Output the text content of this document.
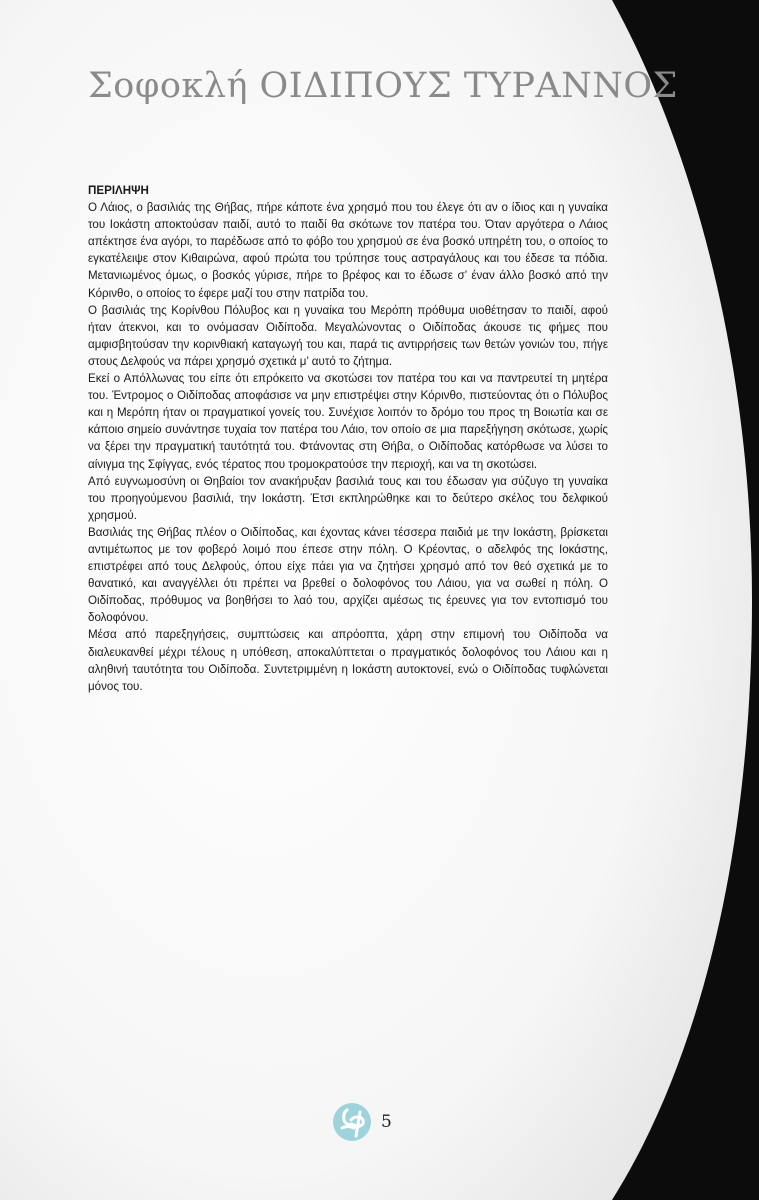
Σοφοκλή ΟΙΔΙΠΟΥΣ ΤΥΡΑΝΝΟΣ

ΠΕΡΙΛΗΨΗ

Ο Λάιος, ο βασιλιάς της Θήβας, πήρε κάποτε ένα χρησμό που του έλεγε ότι αν ο ίδιος και η γυναίκα του Ιοκάστη αποκτούσαν παιδί, αυτό το παιδί θα σκότωνε τον πατέρα του. Όταν αργότερα ο Λάιος απέκτησε ένα αγόρι, το παρέδωσε από το φόβο του χρησμού σε ένα βοσκό υπηρέτη του, ο οποίος το εγκατέλειψε στον Κιθαιρώνα, αφού πρώτα του τρύπησε τους αστραγάλους και του έδεσε τα πόδια. Μετανιωμένος όμως, ο βοσκός γύρισε, πήρε το βρέφος και το έδωσε σ’ έναν άλλο βοσκό από την Κόρινθο, ο οποίος το έφερε μαζί του στην πατρίδα του.

Ο βασιλιάς της Κορίνθου Πόλυβος και η γυναίκα του Μερόπη πρόθυμα υιοθέτησαν το παιδί, αφού ήταν άτεκνοι, και το ονόμασαν Οιδίποδα. Μεγαλώνοντας ο Οιδίποδας άκουσε τις φήμες που αμφισβητούσαν την κορινθιακή καταγωγή του και, παρά τις αντιρρήσεις των θετών γονιών του, πήγε στους Δελφούς να πάρει χρησμό σχετικά μ’ αυτό το ζήτημα.

Εκεί ο Απόλλωνας του είπε ότι επρόκειτο να σκοτώσει τον πατέρα του και να παντρευτεί τη μητέρα του. Έντρομος ο Οιδίποδας αποφάσισε να μην επιστρέψει στην Κόρινθο, πιστεύοντας ότι ο Πόλυβος και η Μερόπη ήταν οι πραγματικοί γονείς του. Συνέχισε λοιπόν το δρόμο του προς τη Βοιωτία και σε κάποιο σημείο συνάντησε τυχαία τον πατέρα του Λάιο, τον οποίο σε μια παρεξήγηση σκότωσε, χωρίς να ξέρει την πραγματική ταυτότητά του. Φτάνοντας στη Θήβα, ο Οιδίποδας κατόρθωσε να λύσει το αίνιγμα της Σφίγγας, ενός τέρατος που τρομοκρατούσε την περιοχή, και να τη σκοτώσει.

Από ευγνωμοσύνη οι Θηβαίοι τον ανακήρυξαν βασιλιά τους και του έδωσαν για σύζυγο τη γυναίκα του προηγούμενου βασιλιά, την Ιοκάστη. Έτσι εκπληρώθηκε και το δεύτερο σκέλος του δελφικού χρησμού.

Βασιλιάς της Θήβας πλέον ο Οιδίποδας, και έχοντας κάνει τέσσερα παιδιά με την Ιοκάστη, βρίσκεται αντιμέτωπος με τον φοβερό λοιμό που έπεσε στην πόλη. Ο Κρέοντας, ο αδελφός της Ιοκάστης, επιστρέφει από τους Δελφούς, όπου είχε πάει για να ζητήσει χρησμό από τον θεό σχετικά με το θανατικό, και αναγγέλλει ότι πρέπει να βρεθεί ο δολοφόνος του Λάιου, για να σωθεί η πόλη. Ο Οιδίποδας, πρόθυμος να βοηθήσει το λαό του, αρχίζει αμέσως τις έρευνες για τον εντοπισμό του δολοφόνου.

Μέσα από παρεξηγήσεις, συμπτώσεις και απρόοπτα, χάρη στην επιμονή του Οιδίποδα να διαλευκανθεί μέχρι τέλους η υπόθεση, αποκαλύπτεται ο πραγματικός δολοφόνος του Λάιου και η αληθινή ταυτότητα του Οιδίποδα. Συντετριμμένη η Ιοκάστη αυτοκτονεί, ενώ ο Οιδίποδας τυφλώνεται μόνος του.

5
